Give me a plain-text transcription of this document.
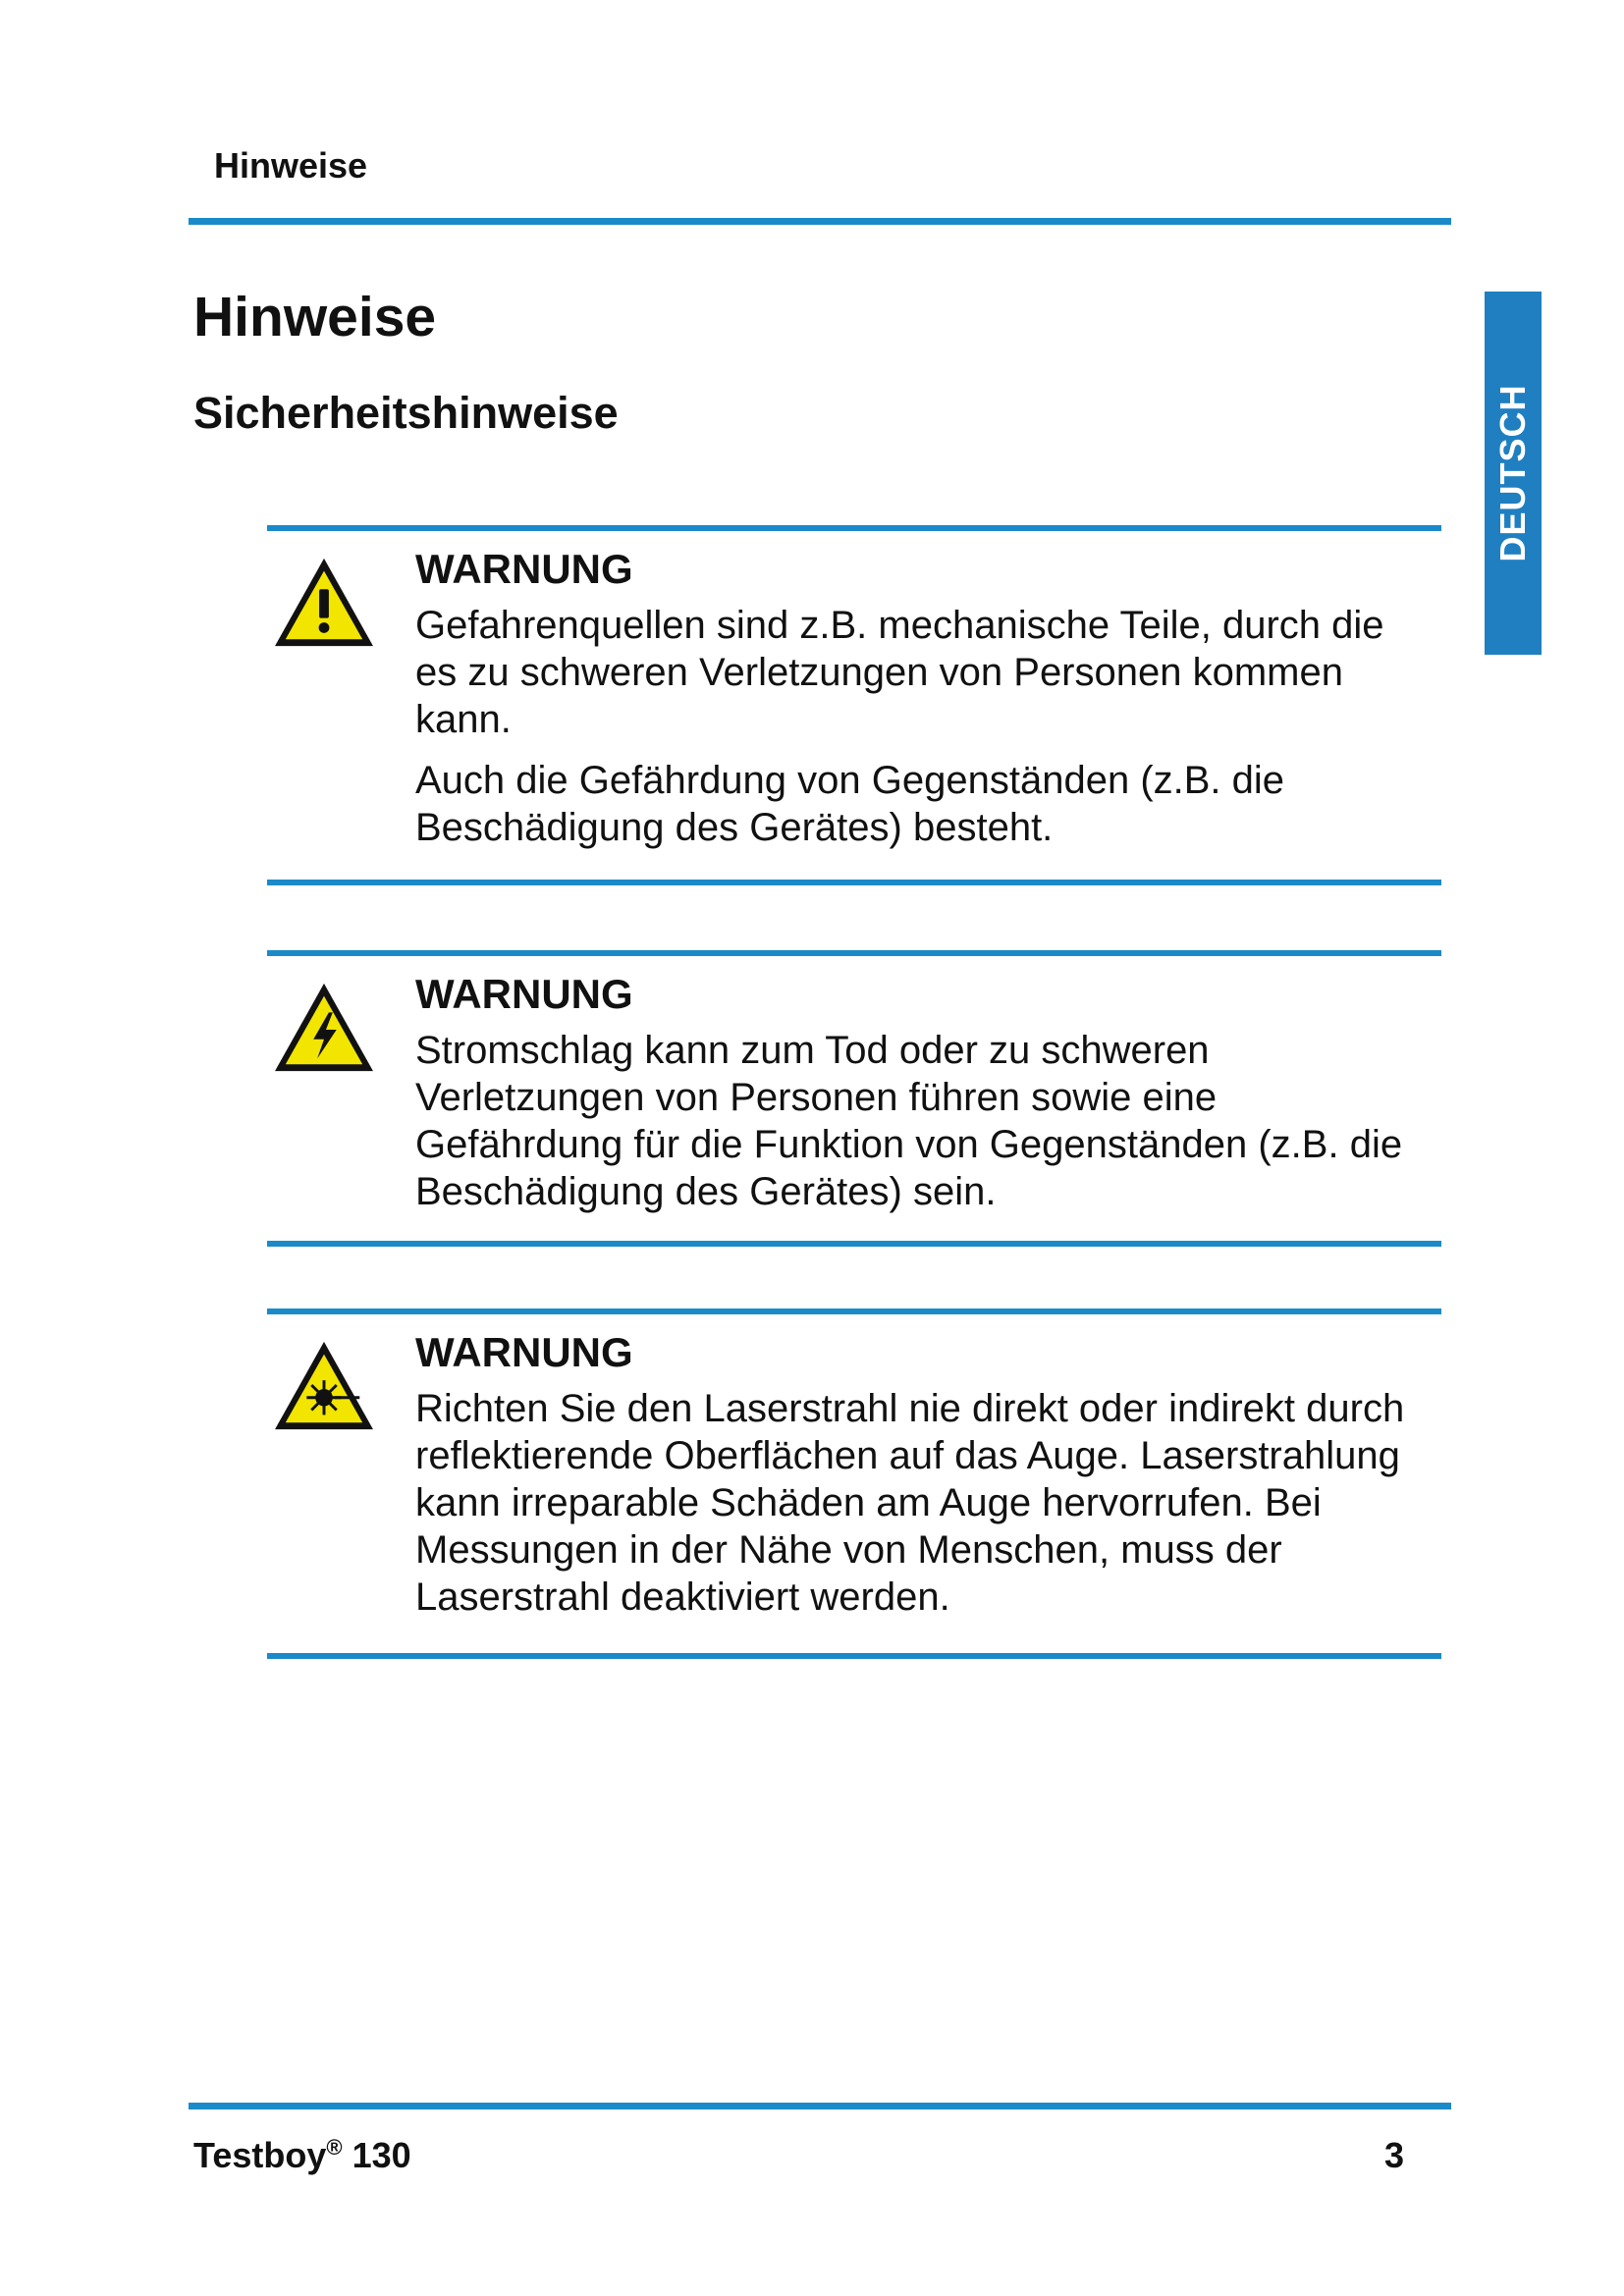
Hinweise
Hinweise
Sicherheitshinweise	DEUTSCH
WARNUNG

Gefahrenquellen sind z.B. mechanische Teile, durch die es zu schweren Verletzungen von Personen kommen kann.

Auch die Gefährdung von Gegenständen (z.B. die Beschädigung des Gerätes) besteht.

WARNUNG

Stromschlag kann zum Tod oder zu schweren Verletzungen von Personen führen sowie eine Gefährdung für die Funktion von Gegenständen (z.B. die Beschädigung des Gerätes) sein.

WARNUNG

Richten Sie den Laserstrahl nie direkt oder indirekt durch reflektierende Oberflächen auf das Auge. Laserstrahlung kann irreparable Schäden am Auge hervorrufen. Bei Messungen in der Nähe von Menschen, muss der Laserstrahl deaktiviert werden.

Testboy® 130	3
